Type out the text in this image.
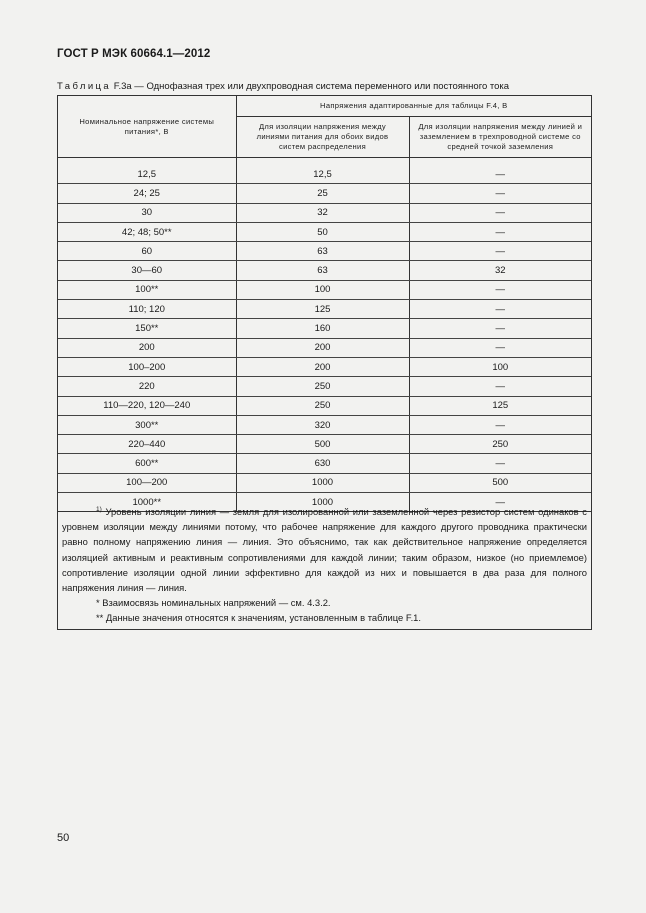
ГОСТ Р МЭК 60664.1—2012
Таблица F.3a — Однофазная трех или двухпроводная система переменного или постоянного тока
Номинальное напряжение системы питания*, В	Напряжения адаптированные для таблицы F.4, В	

	Для изоляции напряжения между линиями питания для обоих видов систем распределения	Для изоляции напряжения между линией и заземлением в трехпроводной системе со средней точкой заземления

12,5	12,5	—
24; 25	25	—
30	32	—
42; 48; 50**	50	—
60	63	—
30—60	63	32
100**	100	—
110; 120	125	—
150**	160	—
200	200	—
100–200	200	100
220	250	—
110—220, 120—240	250	125
300**	320	—
220–440	500	250
600**	630	—
100—200	1000	500
1000**	1000	—

$^{1)}$ Уровень изоляции линия — земля для изолированной или заземленной через резистор систем одинаков с уровнем изоляции между линиями потому, что рабочее напряжение для каждого другого проводника практически равно полному напряжению линия — линия. Это объяснимо, так как действительное напряжение определяется изоляцией активным и реактивным сопротивлениями для каждой линии; таким образом, низкое (но приемлемое) сопротивление изоляции одной линии эффективно для каждой из них и повышается в два раза для полного напряжения линия — линия.

* Взаимосвязь номинальных напряжений — см. 4.3.2.

** Данные значения относятся к значениям, установленным в таблице F.1.

50
